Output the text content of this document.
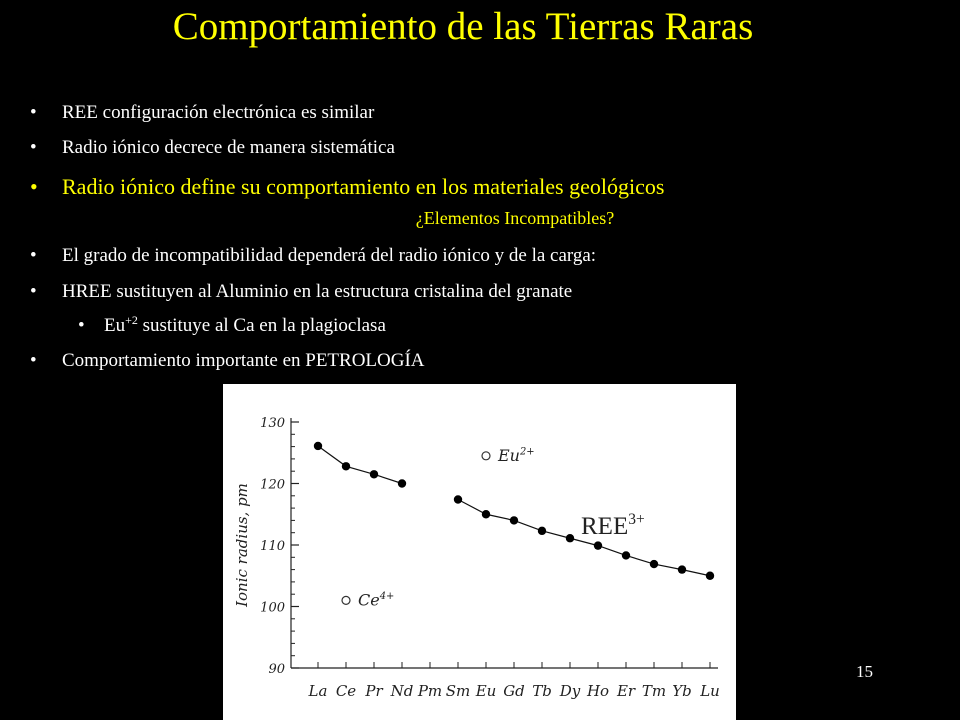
Comportamiento de las Tierras Raras
• REE configuración electrónica es similar
• Radio iónico decrece de manera sistemática
• Radio iónico define su comportamiento en los materiales geológicos
¿Elementos Incompatibles?
• El grado de incompatibilidad dependerá del radio iónico y de la carga:
• HREE sustituyen al Aluminio en la estructura cristalina del granate
• $Eu^{+2}$ sustituye al Ca en la plagioclasa
• Comportamiento importante en PETROLOGÍA
90
100
110
120
130
La Ce Pr Nd Pm Sm Eu Gd Tb Dy Ho Er Tm Yb Lu
Ionic radius, pm
$Eu^{2+}$
$Ce^{4+}$
$REE^{3+}$
15
